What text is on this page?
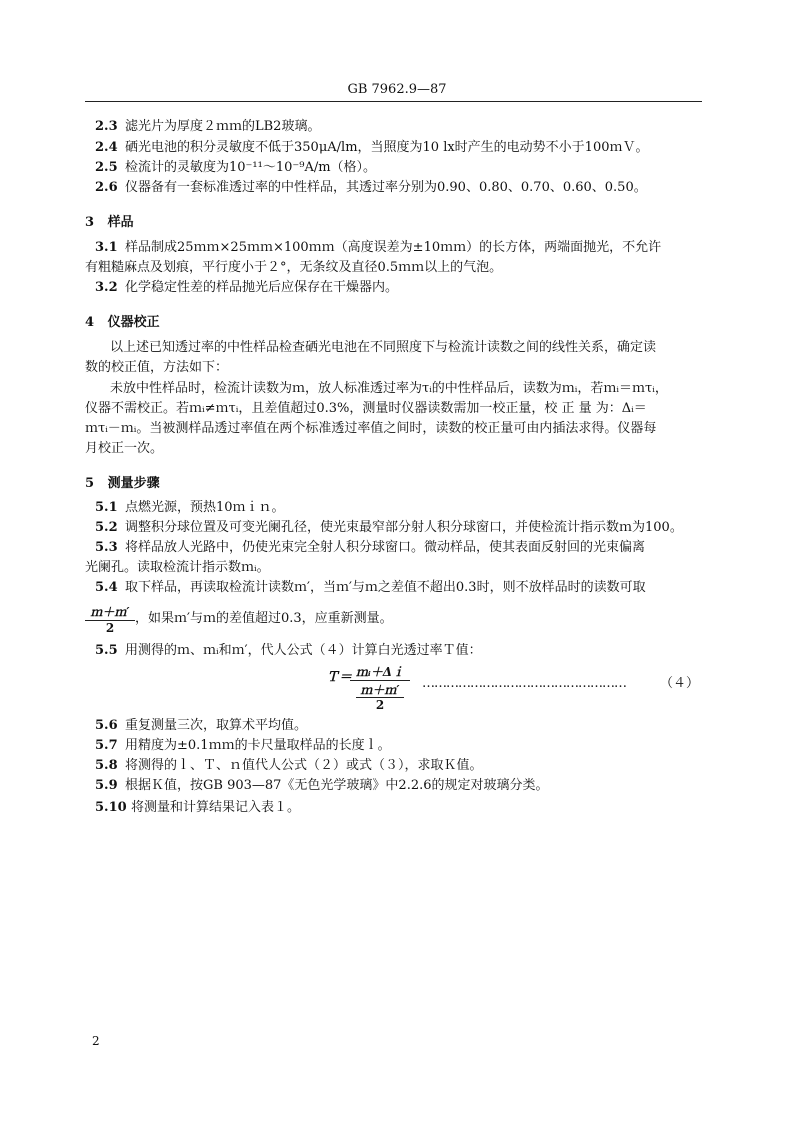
GB 7962.9—87
2.3 滤光片为厚度２ｍｍ的LB2玻璃。
2.4 硒光电池的积分灵敏度不低于350μA/lm，当照度为10 lx时产生的电动势不小于100ｍＶ。
2.5 检流计的灵敏度为10⁻¹¹～10⁻⁹A/m（格）。
2.6 仪器备有一套标准透过率的中性样品，其透过率分别为0.90、0.80、0.70、0.60、0.50。
3 样品
3.1 样品制成25ｍｍ×25ｍｍ×100ｍｍ（高度误差为±10ｍｍ）的长方体，两端面抛光，不允许
有粗糙麻点及划痕，平行度小于２°，无条纹及直径0.5ｍｍ以上的气泡。
3.2 化学稳定性差的样品抛光后应保存在干燥器内。
4 仪器校正
以上述已知透过率的中性样品检查硒光电池在不同照度下与检流计读数之间的线性关系，确定读
数的校正值，方法如下：
未放中性样品时，检流计读数为ｍ，放人标准透过率为τᵢ的中性样品后，读数为ｍᵢ，若ｍᵢ＝ｍτᵢ，
仪器不需校正。若ｍᵢ≠ｍτᵢ，且差值超过0.3%，测量时仪器读数需加一校正量，校 正 量 为：Δᵢ＝
ｍτᵢ－ｍᵢ。当被测样品透过率值在两个标准透过率值之间时，读数的校正量可由内插法求得。仪器每
月校正一次。
5 测量步骤
5.1 点燃光源，预热10ｍｉｎ。
5.2 调整积分球位置及可变光阑孔径，使光束最窄部分射人积分球窗口，并使检流计指示数ｍ为100。
5.3 将样品放人光路中，仍使光束完全射人积分球窗口。微动样品，使其表面反射回的光束偏离
光阑孔。读取检流计指示数ｍᵢ。
5.4 取下样品，再读取检流计读数ｍ′，当ｍ′与ｍ之差值不超出0.3时，则不放样品时的读数可取
ｍ＋ｍ′
2
，如果ｍ′与ｍ的差值超过0.3，应重新测量。
5.5 用测得的ｍ、ｍᵢ和ｍ′，代人公式（４）计算白光透过率Ｔ值：
Ｔ＝ ｍᵢ＋Δｉ
ｍ＋ｍ′
2
……………………………………………	（４）
5.6 重复测量三次，取算术平均值。
5.7 用精度为±0.1ｍｍ的卡尺量取样品的长度ｌ。
5.8 将测得的ｌ、Ｔ、ｎ值代人公式（２）或式（３），求取Ｋ值。
5.9 根据Ｋ值，按GB 903—87《无色光学玻璃》中2.2.6的规定对玻璃分类。
5.10 将测量和计算结果记入表１。
2
